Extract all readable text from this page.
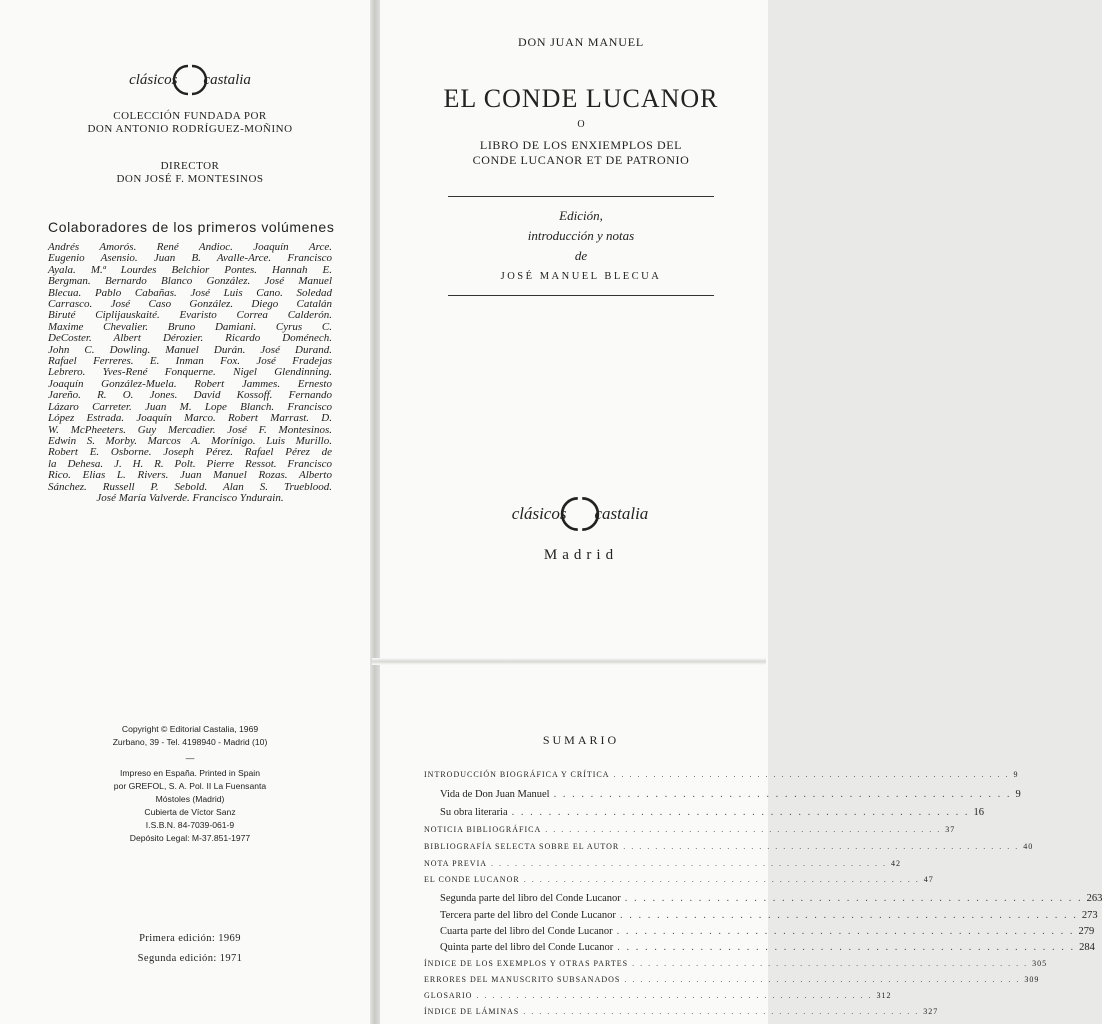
clásicos castalia
COLECCIÓN FUNDADA POR
DON ANTONIO RODRÍGUEZ-MOÑINO
DIRECTOR
DON JOSÉ F. MONTESINOS
Colaboradores de los primeros volúmenes
Andrés Amorós. René Andioc. Joaquín Arce.
Eugenio Asensio. Juan B. Avalle-Arce. Francisco
Ayala. M.ª Lourdes Belchior Pontes. Hannah E.
Bergman. Bernardo Blanco González. José Manuel
Blecua. Pablo Cabañas. José Luis Cano. Soledad
Carrasco. José Caso González. Diego Catalán
Biruté Ciplijauskaité. Evaristo Correa Calderón.
Maxime Chevalier. Bruno Damiani. Cyrus C.
DeCoster. Albert Dérozier. Ricardo Doménech.
John C. Dowling. Manuel Durán. José Durand.
Rafael Ferreres. E. Inman Fox. José Fradejas
Lebrero. Yves-René Fonquerne. Nigel Glendinning.
Joaquín González-Muela. Robert Jammes. Ernesto
Jareño. R. O. Jones. David Kossoff. Fernando
Lázaro Carreter. Juan M. Lope Blanch. Francisco
López Estrada. Joaquín Marco. Robert Marrast. D.
W. McPheeters. Guy Mercadier. José F. Montesinos.
Edwin S. Morby. Marcos A. Morínigo. Luis Murillo.
Robert E. Osborne. Joseph Pérez. Rafael Pérez de
la Dehesa. J. H. R. Polt. Pierre Ressot. Francisco
Rico. Elias L. Rivers. Juan Manuel Rozas. Alberto
Sánchez. Russell P. Sebold. Alan S. Trueblood.
José María Valverde. Francisco Yndurain.
Copyright © Editorial Castalia, 1969
Zurbano, 39 - Tel. 4198940 - Madrid (10)
—
Impreso en España. Printed in Spain
por GREFOL, S. A. Pol. II La Fuensanta
Móstoles (Madrid)
Cubierta de Víctor Sanz
I.S.B.N. 84-7039-061-9
Depósito Legal: M-37.851-1977
Primera edición: 1969
Segunda edición: 1971
DON JUAN MANUEL
EL CONDE LUCANOR
O
LIBRO DE LOS ENXIEMPLOS DEL
CONDE LUCANOR ET DE PATRONIO
Edición,
introducción y notas
de
JOSÉ MANUEL BLECUA
clásicos castalia
Madrid
SUMARIO
INTRODUCCIÓN BIOGRÁFICA Y CRÍTICA . . . . . . . . . . . . . . . . . . . . . . . . . . . . . . . . . . . . . . . . . . . . . . . . . . 9
Vida de Don Juan Manuel . . . . . . . . . . . . . . . . . . . . . . . . . . . . . . . . . . . . . . . . . . . . . . . . . . 9
Su obra literaria . . . . . . . . . . . . . . . . . . . . . . . . . . . . . . . . . . . . . . . . . . . . . . . . . . 16
NOTICIA BIBLIOGRÁFICA . . . . . . . . . . . . . . . . . . . . . . . . . . . . . . . . . . . . . . . . . . . . . . . . . . 37
BIBLIOGRAFÍA SELECTA SOBRE EL AUTOR . . . . . . . . . . . . . . . . . . . . . . . . . . . . . . . . . . . . . . . . . . . . . . . . . . 40
NOTA PREVIA . . . . . . . . . . . . . . . . . . . . . . . . . . . . . . . . . . . . . . . . . . . . . . . . . . 42
EL CONDE LUCANOR . . . . . . . . . . . . . . . . . . . . . . . . . . . . . . . . . . . . . . . . . . . . . . . . . . 47
Segunda parte del libro del Conde Lucanor . . . . . . . . . . . . . . . . . . . . . . . . . . . . . . . . . . . . . . . . . . . . . . . . . . 263
Tercera parte del libro del Conde Lucanor . . . . . . . . . . . . . . . . . . . . . . . . . . . . . . . . . . . . . . . . . . . . . . . . . . 273
Cuarta parte del libro del Conde Lucanor . . . . . . . . . . . . . . . . . . . . . . . . . . . . . . . . . . . . . . . . . . . . . . . . . . 279
Quinta parte del libro del Conde Lucanor . . . . . . . . . . . . . . . . . . . . . . . . . . . . . . . . . . . . . . . . . . . . . . . . . . 284
ÍNDICE DE LOS EXEMPLOS Y OTRAS PARTES . . . . . . . . . . . . . . . . . . . . . . . . . . . . . . . . . . . . . . . . . . . . . . . . . . 305
ERRORES DEL MANUSCRITO SUBSANADOS . . . . . . . . . . . . . . . . . . . . . . . . . . . . . . . . . . . . . . . . . . . . . . . . . . 309
GLOSARIO . . . . . . . . . . . . . . . . . . . . . . . . . . . . . . . . . . . . . . . . . . . . . . . . . . 312
ÍNDICE DE LÁMINAS . . . . . . . . . . . . . . . . . . . . . . . . . . . . . . . . . . . . . . . . . . . . . . . . . . 327
